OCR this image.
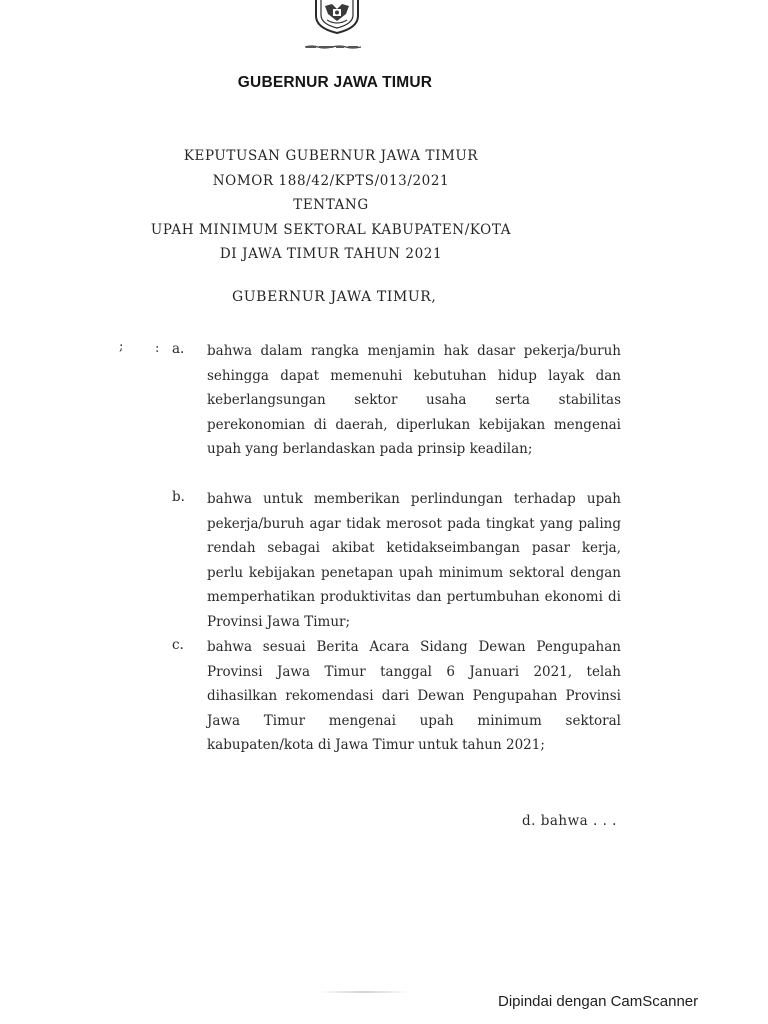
GUBERNUR JAWA TIMUR
KEPUTUSAN GUBERNUR JAWA TIMUR
NOMOR 188/42/KPTS/013/2021
TENTANG
UPAH MINIMUM SEKTORAL KABUPATEN/KOTA
DI JAWA TIMUR TAHUN 2021
GUBERNUR JAWA TIMUR,
; : a. bahwa dalam rangka menjamin hak dasar pekerja/buruh sehingga dapat memenuhi kebutuhan hidup layak dan keberlangsungan sektor usaha serta stabilitas perekonomian di daerah, diperlukan kebijakan mengenai upah yang berlandaskan pada prinsip keadilan;
b. bahwa untuk memberikan perlindungan terhadap upah pekerja/buruh agar tidak merosot pada tingkat yang paling rendah sebagai akibat ketidakseimbangan pasar kerja, perlu kebijakan penetapan upah minimum sektoral dengan memperhatikan produktivitas dan pertumbuhan ekonomi di Provinsi Jawa Timur;
c. bahwa sesuai Berita Acara Sidang Dewan Pengupahan Provinsi Jawa Timur tanggal 6 Januari 2021, telah dihasilkan rekomendasi dari Dewan Pengupahan Provinsi Jawa Timur mengenai upah minimum sektoral kabupaten/kota di Jawa Timur untuk tahun 2021;
d. bahwa . . .
Dipindai dengan CamScanner
